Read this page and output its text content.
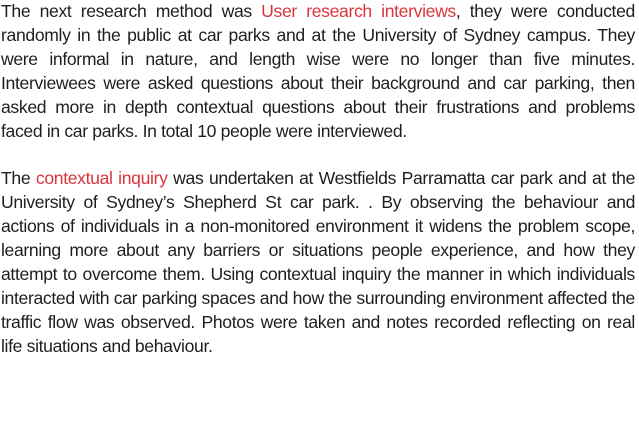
The next research method was User research interviews, they were conducted randomly in the public at car parks and at the University of Sydney campus. They were informal in nature, and length wise were no longer than five minutes. Interviewees were asked questions about their background and car parking, then asked more in depth contextual questions about their frustrations and problems faced in car parks. In total 10 people were interviewed.

The contextual inquiry was undertaken at Westfields Parramatta car park and at the University of Sydney’s Shepherd St car park. . By observing the behaviour and actions of individuals in a non-monitored environment it widens the problem scope, learning more about any barriers or situations people experience, and how they attempt to overcome them. Using contextual inquiry the manner in which individuals interacted with car parking spaces and how the surrounding environment affected the traffic flow was observed. Photos were taken and notes recorded reflecting on real life situations and behaviour.
